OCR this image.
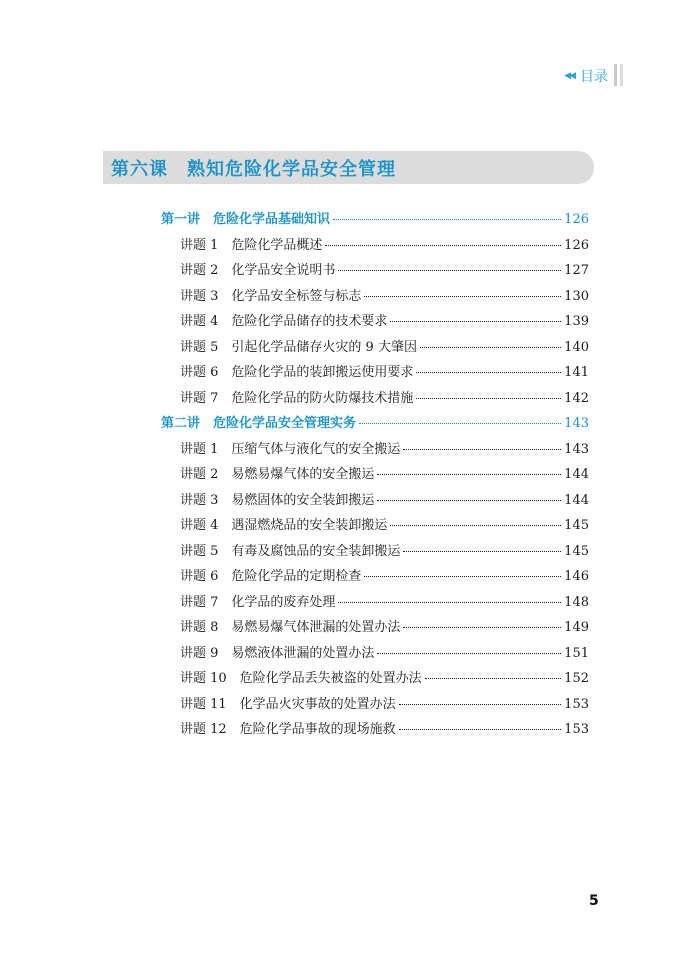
◀◀ 目录
第六课　熟知危险化学品安全管理
第一讲　危险化学品基础知识	126
讲题 1　危险化学品概述	126
讲题 2　化学品安全说明书	127
讲题 3　化学品安全标签与标志	130
讲题 4　危险化学品储存的技术要求	139
讲题 5　引起化学品储存火灾的 9 大肇因	140
讲题 6　危险化学品的装卸搬运使用要求	141
讲题 7　危险化学品的防火防爆技术措施	142
第二讲　危险化学品安全管理实务	143
讲题 1　压缩气体与液化气的安全搬运	143
讲题 2　易燃易爆气体的安全搬运	144
讲题 3　易燃固体的安全装卸搬运	144
讲题 4　遇湿燃烧品的安全装卸搬运	145
讲题 5　有毒及腐蚀品的安全装卸搬运	145
讲题 6　危险化学品的定期检查	146
讲题 7　化学品的废弃处理	148
讲题 8　易燃易爆气体泄漏的处置办法	149
讲题 9　易燃液体泄漏的处置办法	151
讲题 10　危险化学品丢失被盗的处置办法	152
讲题 11　化学品火灾事故的处置办法	153
讲题 12　危险化学品事故的现场施救	153
5
